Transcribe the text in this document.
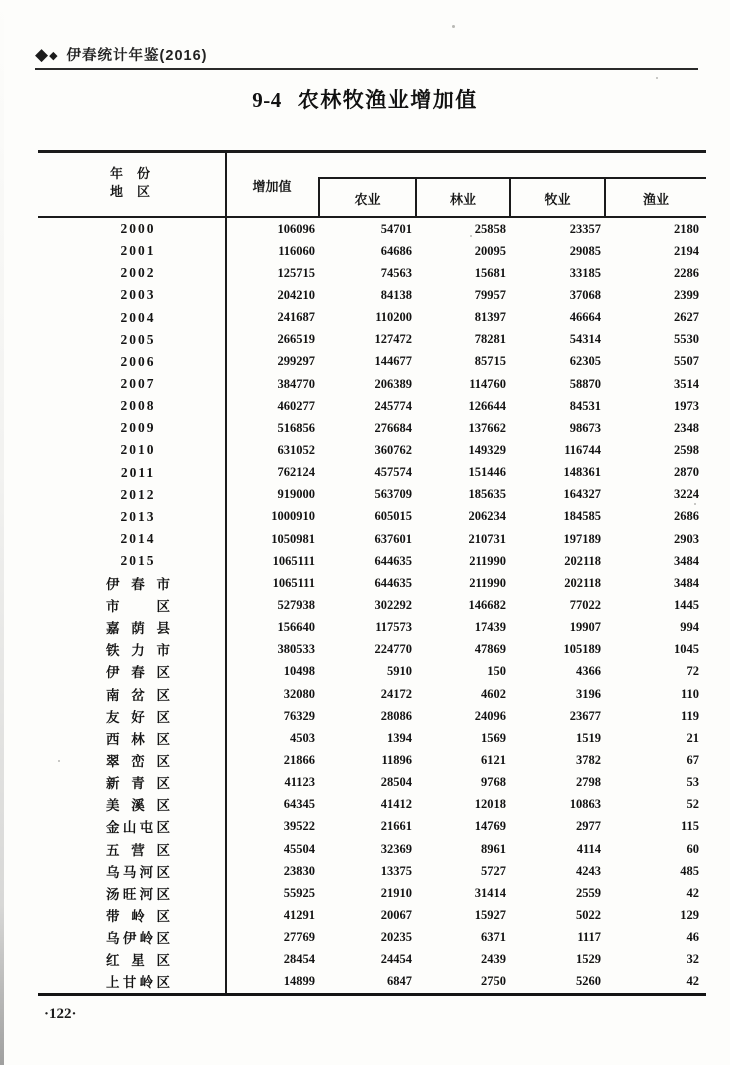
◆ ◆ 伊春统计年鉴(2016)
9-4 农林牧渔业增加值
年份
地区	增加值
农业	林业	牧业	渔业
2000	106096	54701	25858	23357	2180
2001	116060	64686	20095	29085	2194
2002	125715	74563	15681	33185	2286
2003	204210	84138	79957	37068	2399
2004	241687	110200	81397	46664	2627
2005	266519	127472	78281	54314	5530
2006	299297	144677	85715	62305	5507
2007	384770	206389	114760	58870	3514
2008	460277	245774	126644	84531	1973
2009	516856	276684	137662	98673	2348
2010	631052	360762	149329	116744	2598
2011	762124	457574	151446	148361	2870
2012	919000	563709	185635	164327	3224
2013	1000910	605015	206234	184585	2686
2014	1050981	637601	210731	197189	2903
2015	1065111	644635	211990	202118	3484
伊春市	1065111	644635	211990	202118	3484
市区	527938	302292	146682	77022	1445
嘉荫县	156640	117573	17439	19907	994
铁力市	380533	224770	47869	105189	1045
伊春区	10498	5910	150	4366	72
南岔区	32080	24172	4602	3196	110
友好区	76329	28086	24096	23677	119
西林区	4503	1394	1569	1519	21
翠峦区	21866	11896	6121	3782	67
新青区	41123	28504	9768	2798	53
美溪区	64345	41412	12018	10863	52
金山屯区	39522	21661	14769	2977	115
五营区	45504	32369	8961	4114	60
乌马河区	23830	13375	5727	4243	485
汤旺河区	55925	21910	31414	2559	42
带岭区	41291	20067	15927	5022	129
乌伊岭区	27769	20235	6371	1117	46
红星区	28454	24454	2439	1529	32
上甘岭区	14899	6847	2750	5260	42
·122·
